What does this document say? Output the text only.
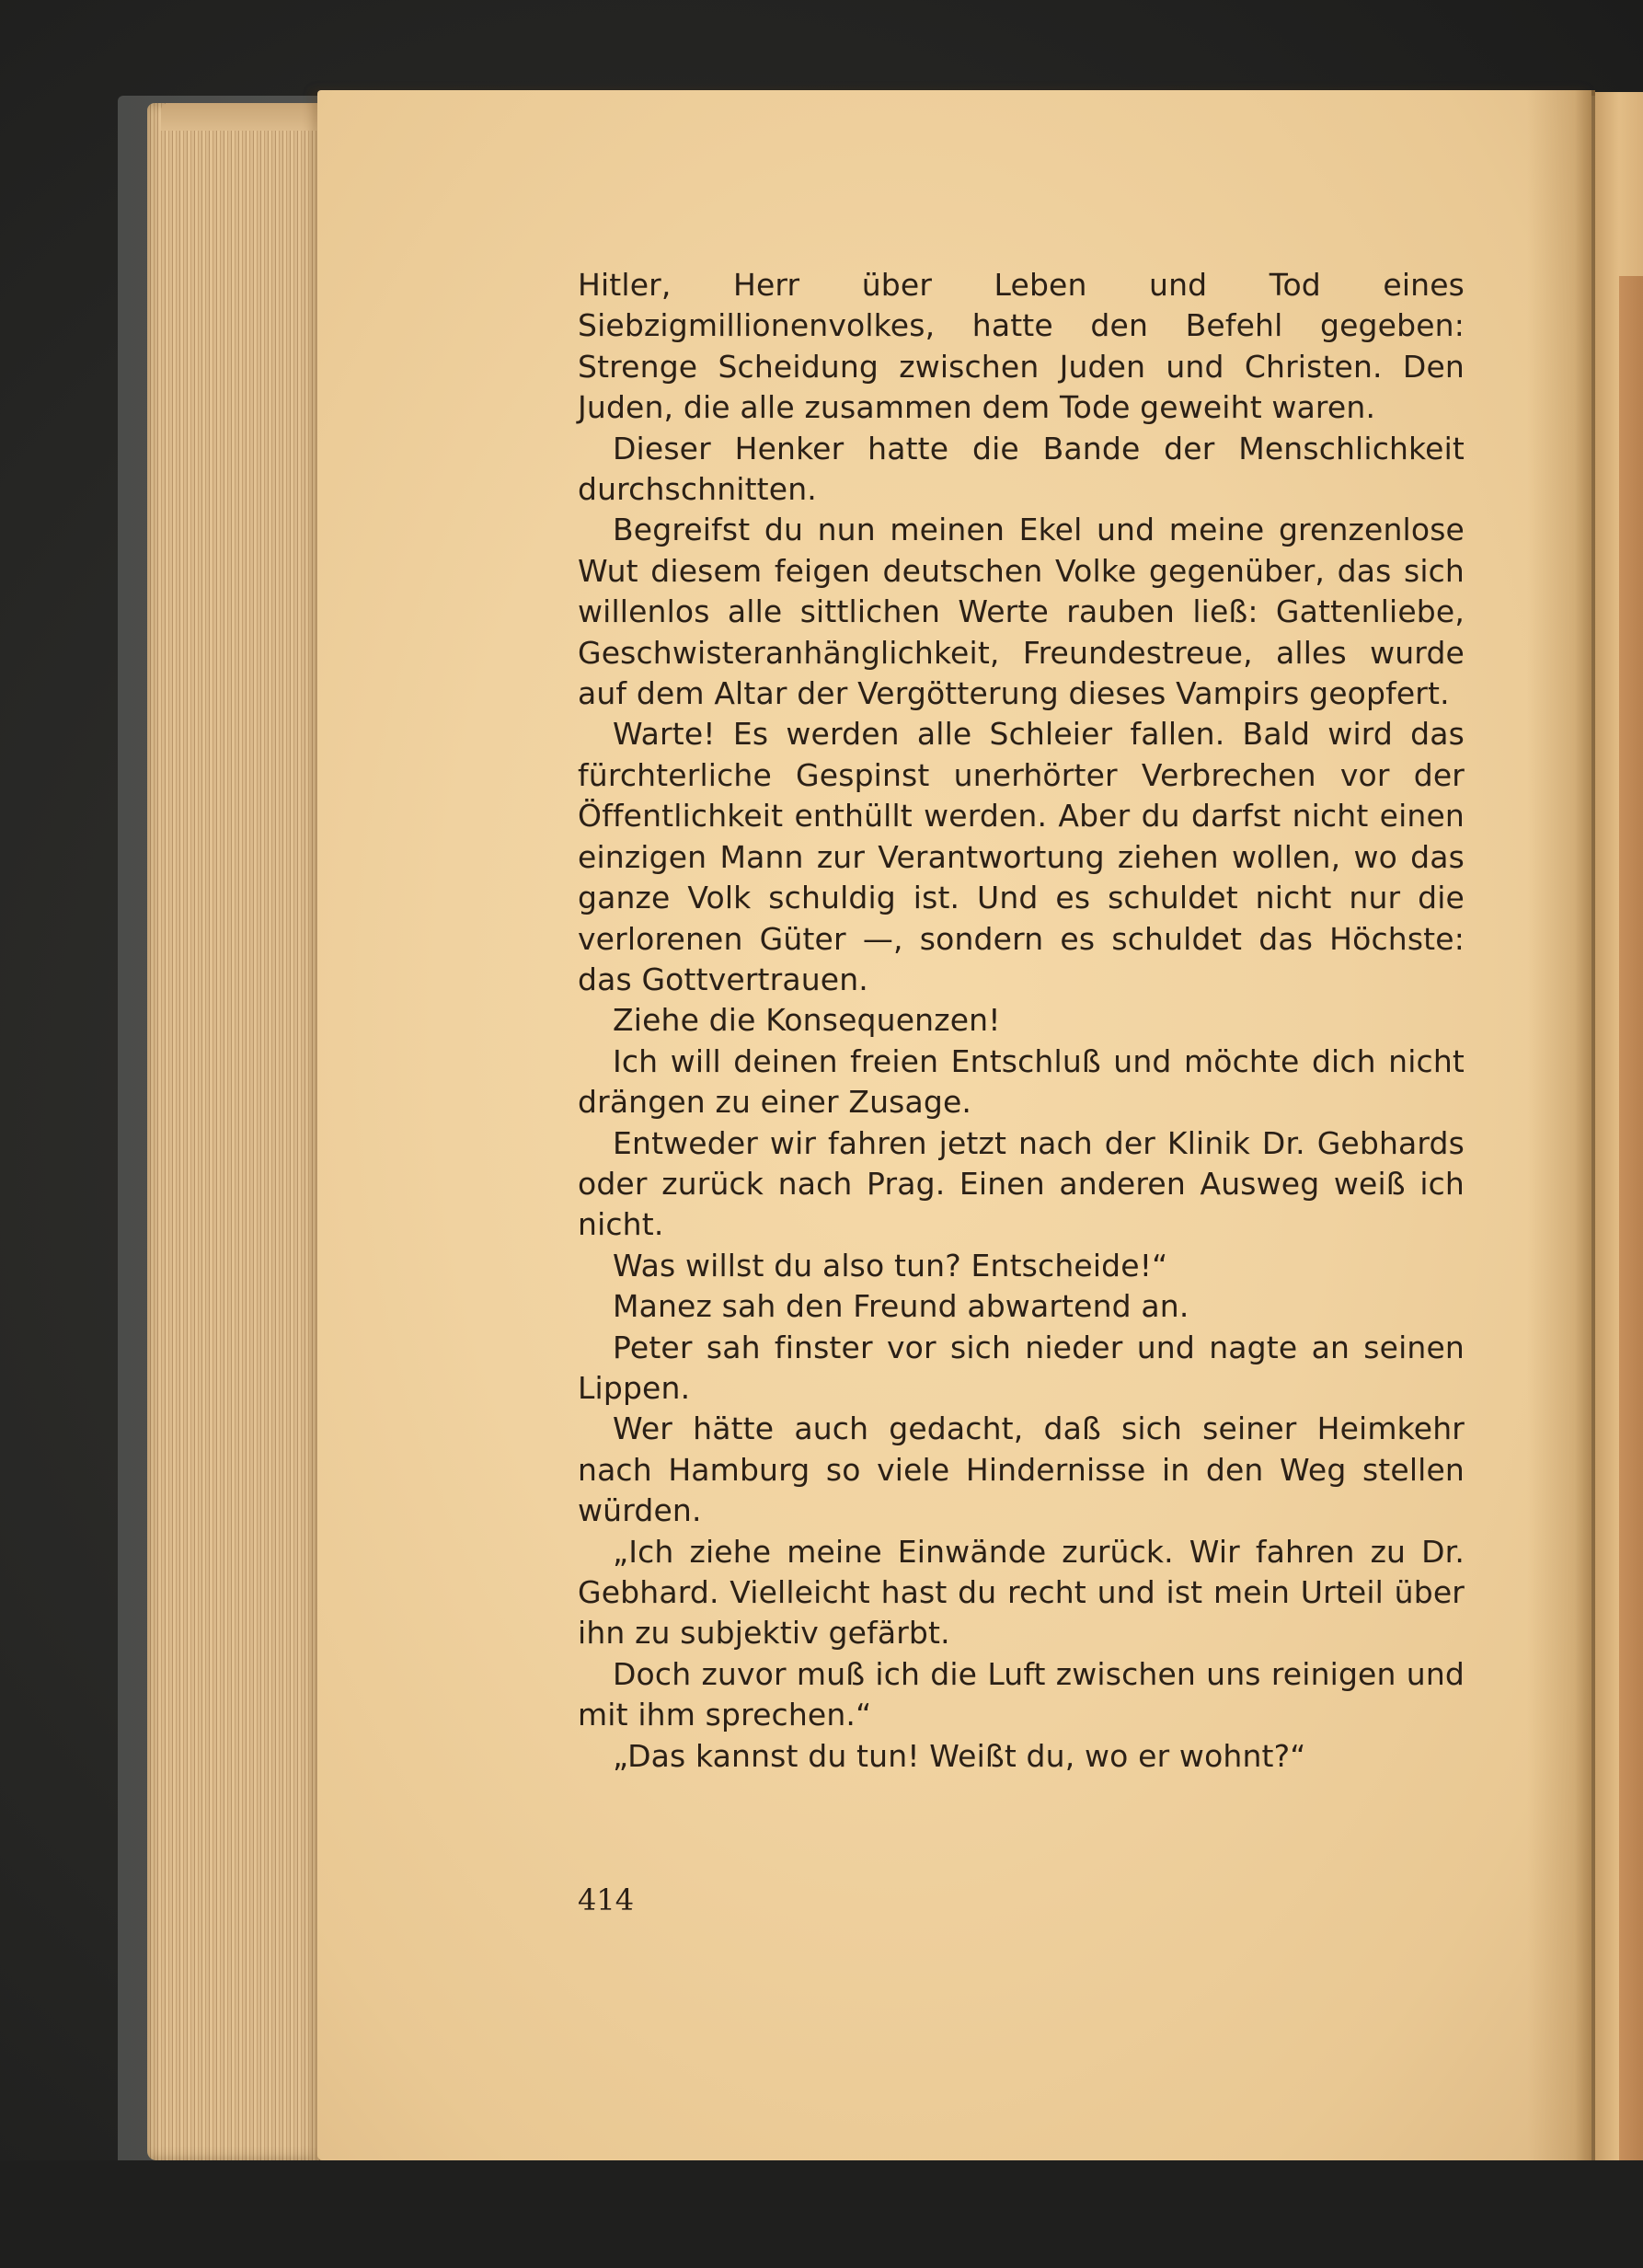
Hitler, Herr über Leben und Tod eines Siebzigmillionenvolkes, hatte den Befehl gegeben: Strenge Scheidung zwischen Juden und Christen. Den Juden, die alle zusammen dem Tode geweiht waren.

Dieser Henker hatte die Bande der Menschlichkeit durchschnitten.

Begreifst du nun meinen Ekel und meine grenzenlose Wut diesem feigen deutschen Volke gegenüber, das sich willenlos alle sittlichen Werte rauben ließ: Gattenliebe, Geschwisteranhänglichkeit, Freundestreue, alles wurde auf dem Altar der Vergötterung dieses Vampirs geopfert.

Warte! Es werden alle Schleier fallen. Bald wird das fürchterliche Gespinst unerhörter Verbrechen vor der Öffentlichkeit enthüllt werden. Aber du darfst nicht einen einzigen Mann zur Verantwortung ziehen wollen, wo das ganze Volk schuldig ist. Und es schuldet nicht nur die verlorenen Güter —, sondern es schuldet das Höchste: das Gottvertrauen.

Ziehe die Konsequenzen!

Ich will deinen freien Entschluß und möchte dich nicht drängen zu einer Zusage.

Entweder wir fahren jetzt nach der Klinik Dr. Gebhards oder zurück nach Prag. Einen anderen Ausweg weiß ich nicht.

Was willst du also tun? Entscheide!“

Manez sah den Freund abwartend an.

Peter sah finster vor sich nieder und nagte an seinen Lippen.

Wer hätte auch gedacht, daß sich seiner Heimkehr nach Hamburg so viele Hindernisse in den Weg stellen würden.

„Ich ziehe meine Einwände zurück. Wir fahren zu Dr. Gebhard. Vielleicht hast du recht und ist mein Urteil über ihn zu subjektiv gefärbt.

Doch zuvor muß ich die Luft zwischen uns reinigen und mit ihm sprechen.“

„Das kannst du tun! Weißt du, wo er wohnt?“

414
